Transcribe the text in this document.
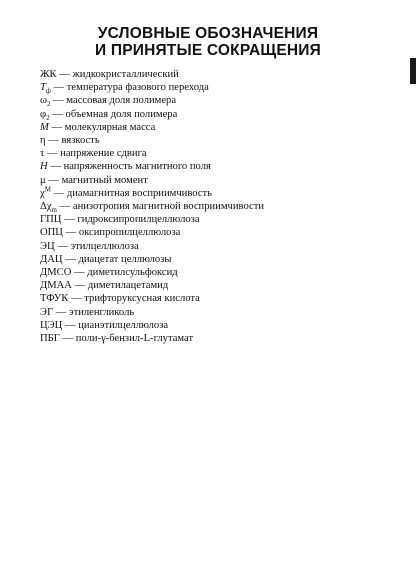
УСЛОВНЫЕ ОБОЗНАЧЕНИЯ
И ПРИНЯТЫЕ СОКРАЩЕНИЯ
ЖК — жидкокристаллический
$T_ф$ — температура фазового перехода
$\omega_2$ — массовая доля полимера
$\varphi_2$ — объемная доля полимера
M — молекулярная масса
η — вязкость
τ — напряжение сдвига
H — напряженность магнитного поля
μ — магнитный момент
$\chi^M$ — диамагнитная восприимчивость
$\Delta\chi_m$ — анизотропия магнитной восприимчивости
ГПЦ — гидроксипропилцеллюлоза
ОПЦ — оксипропилцеллюлоза
ЭЦ — этилцеллюлоза
ДАЦ — диацетат целлюлозы
ДМСО — диметилсульфоксид
ДМАА — диметилацетамид
ТФУК — трифторуксусная кислота
ЭГ — этиленгликоль
ЦЭЦ — цианэтилцеллюлоза
ПБГ — поли-γ-бензил-L-глутамат
